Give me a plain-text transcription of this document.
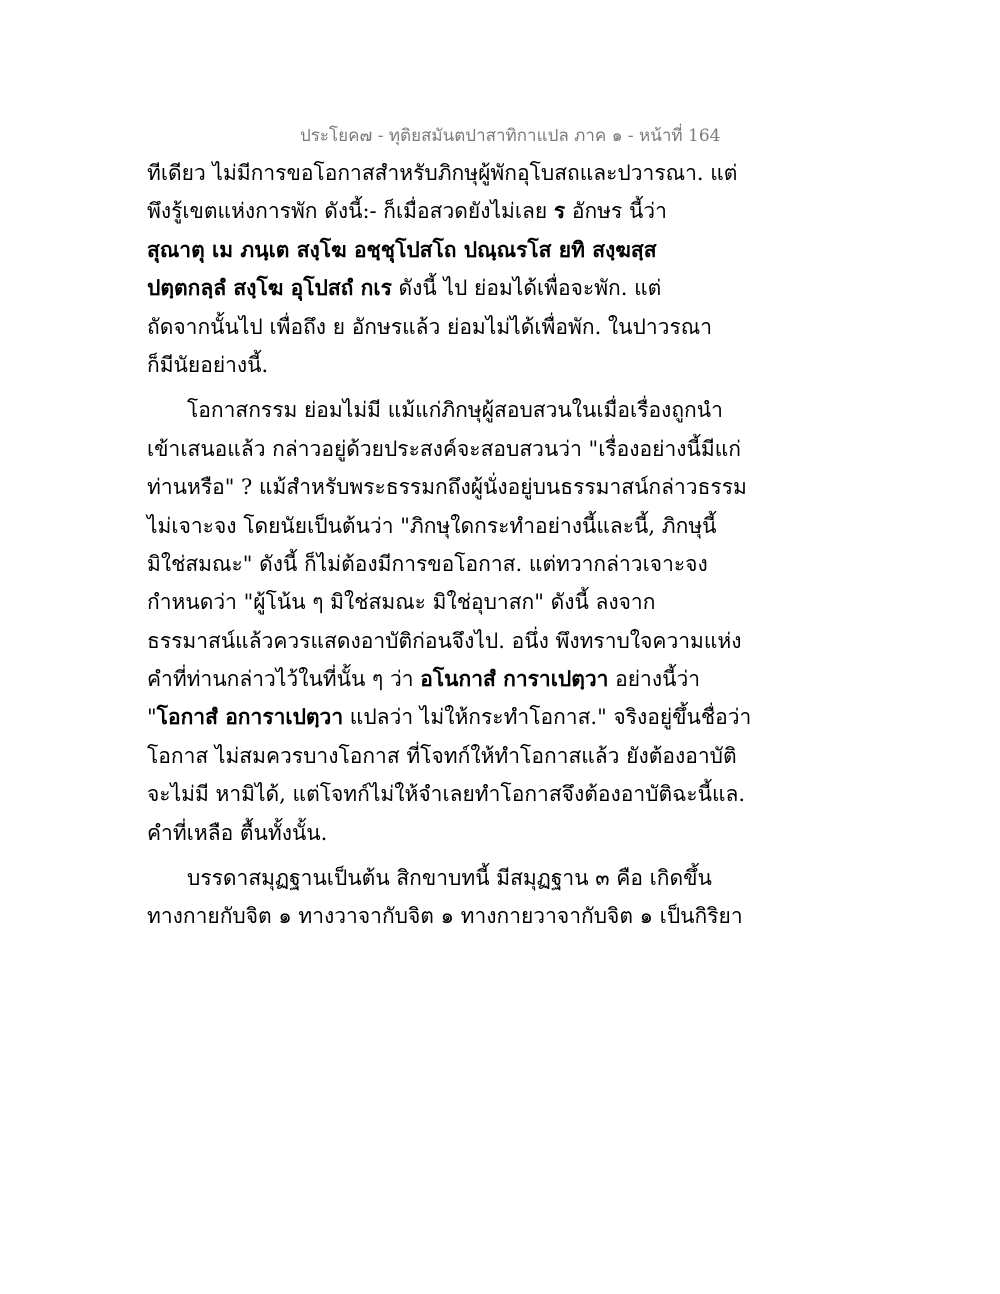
ประโยค๗ - ทุติยสมันตปาสาทิกาแปล ภาค ๑ - หน้าที่ 164
ทีเดียว ไม่มีการขอโอกาสสำหรับภิกษุผู้พักอุโบสถและปวารณา. แต่
พึงรู้เขตแห่งการพัก ดังนี้:- ก็เมื่อสวดยังไม่เลย ร อักษร นี้ว่า
สุณาตุ เม ภนฺเต สงฺโฆ อชฺชุโปสโถ ปณฺณรโส ยทิ สงฺฆสฺส
ปตฺตกลฺลํ สงฺโฆ อุโปสถํ กเร ดังนี้ ไป ย่อมได้เพื่อจะพัก. แต่
ถัดจากนั้นไป เพื่อถึง ย อักษรแล้ว ย่อมไม่ได้เพื่อพัก. ในปาวรณา
ก็มีนัยอย่างนี้.
โอกาสกรรม ย่อมไม่มี แม้แก่ภิกษุผู้สอบสวนในเมื่อเรื่องถูกนำ
เข้าเสนอแล้ว กล่าวอยู่ด้วยประสงค์จะสอบสวนว่า "เรื่องอย่างนี้มีแก่
ท่านหรือ" ? แม้สำหรับพระธรรมกถึงผู้นั่งอยู่บนธรรมาสน์กล่าวธรรม
ไม่เจาะจง โดยนัยเป็นต้นว่า "ภิกษุใดกระทำอย่างนี้และนี้, ภิกษุนี้
มิใช่สมณะ" ดังนี้ ก็ไม่ต้องมีการขอโอกาส. แต่ทวากล่าวเจาะจง
กำหนดว่า "ผู้โน้น ๆ มิใช่สมณะ มิใช่อุบาสก" ดังนี้ ลงจาก
ธรรมาสน์แล้วควรแสดงอาบัติก่อนจึงไป. อนึ่ง พึงทราบใจความแห่ง
คำที่ท่านกล่าวไว้ในที่นั้น ๆ ว่า อโนกาสํ การาเปตฺวา อย่างนี้ว่า
"โอกาสํ อการาเปตฺวา แปลว่า ไม่ให้กระทำโอกาส." จริงอยู่ขึ้นชื่อว่า
โอกาส ไม่สมควรบางโอกาส ที่โจทก์ให้ทำโอกาสแล้ว ยังต้องอาบัติ
จะไม่มี หามิได้, แต่โจทก์ไม่ให้จำเลยทำโอกาสจึงต้องอาบัติฉะนี้แล.
คำที่เหลือ ตื้นทั้งนั้น.
บรรดาสมุฏฐานเป็นต้น สิกขาบทนี้ มีสมุฏฐาน ๓ คือ เกิดขึ้น
ทางกายกับจิต ๑ ทางวาจากับจิต ๑ ทางกายวาจากับจิต ๑ เป็นกิริยา
